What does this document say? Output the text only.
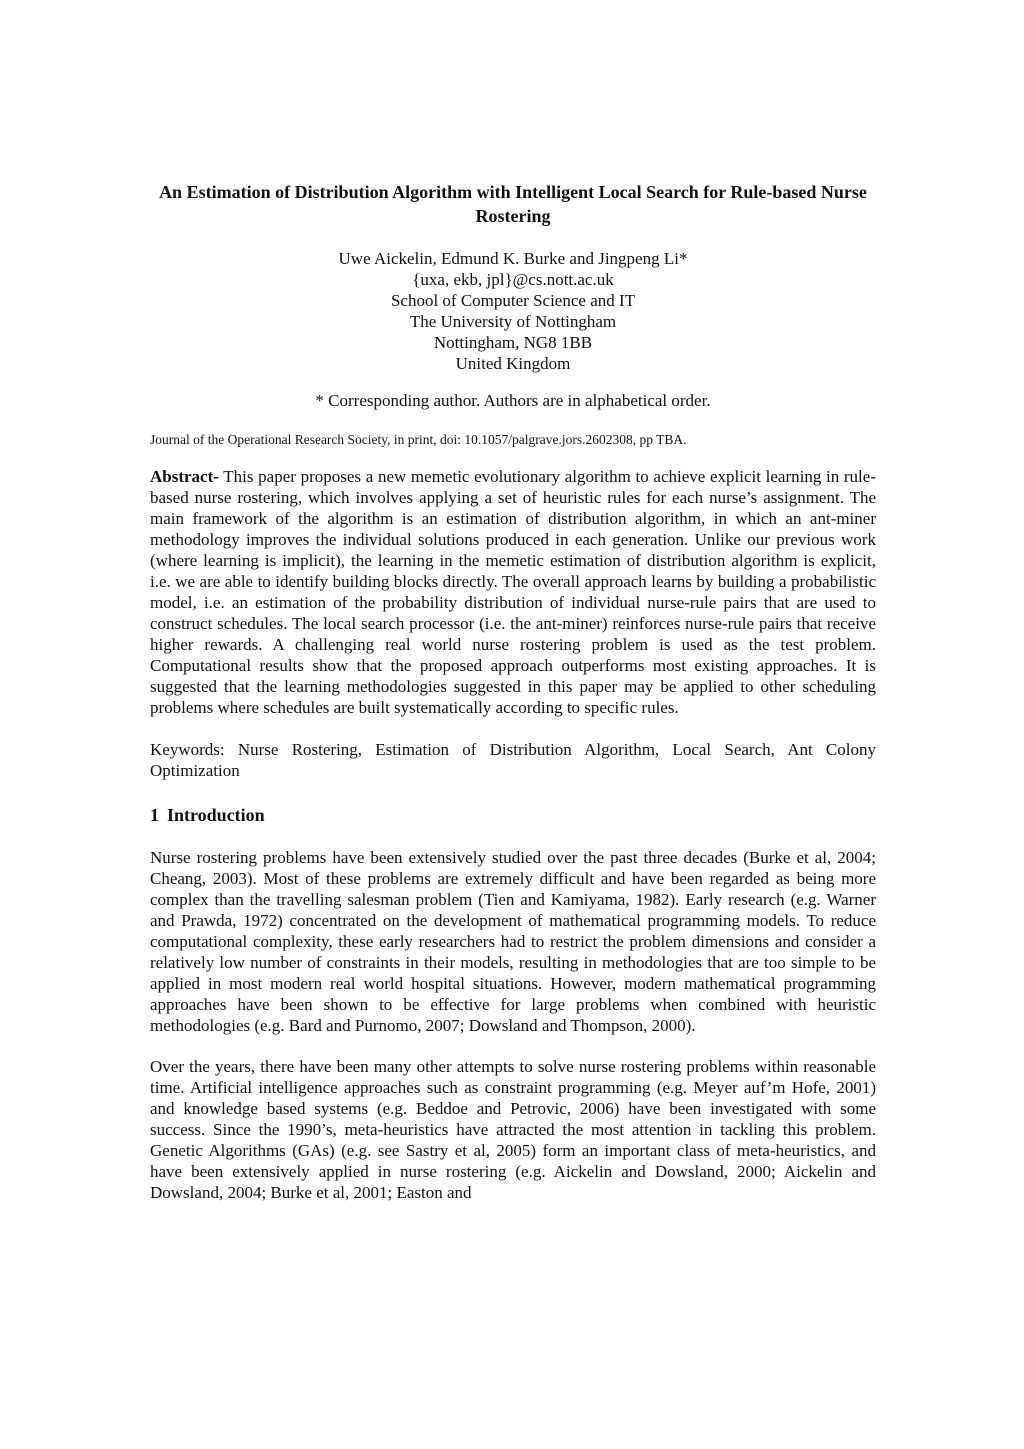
An Estimation of Distribution Algorithm with Intelligent Local Search for Rule-based Nurse Rostering
Uwe Aickelin, Edmund K. Burke and Jingpeng Li*
{uxa, ekb, jpl}@cs.nott.ac.uk
School of Computer Science and IT
The University of Nottingham
Nottingham, NG8 1BB
United Kingdom
* Corresponding author. Authors are in alphabetical order.
Journal of the Operational Research Society, in print, doi: 10.1057/palgrave.jors.2602308, pp TBA.

Abstract- This paper proposes a new memetic evolutionary algorithm to achieve explicit learning in rule-based nurse rostering, which involves applying a set of heuristic rules for each nurse’s assignment. The main framework of the algorithm is an estimation of distribution algorithm, in which an ant-miner methodology improves the individual solutions produced in each generation. Unlike our previous work (where learning is implicit), the learning in the memetic estimation of distribution algorithm is explicit, i.e. we are able to identify building blocks directly. The overall approach learns by building a probabilistic model, i.e. an estimation of the probability distribution of individual nurse-rule pairs that are used to construct schedules. The local search processor (i.e. the ant-miner) reinforces nurse-rule pairs that receive higher rewards. A challenging real world nurse rostering problem is used as the test problem. Computational results show that the proposed approach outperforms most existing approaches. It is suggested that the learning methodologies suggested in this paper may be applied to other scheduling problems where schedules are built systematically according to specific rules.

Keywords: Nurse Rostering, Estimation of Distribution Algorithm, Local Search, Ant Colony Optimization

1 Introduction

Nurse rostering problems have been extensively studied over the past three decades (Burke et al, 2004; Cheang, 2003). Most of these problems are extremely difficult and have been regarded as being more complex than the travelling salesman problem (Tien and Kamiyama, 1982). Early research (e.g. Warner and Prawda, 1972) concentrated on the development of mathematical programming models. To reduce computational complexity, these early researchers had to restrict the problem dimensions and consider a relatively low number of constraints in their models, resulting in methodologies that are too simple to be applied in most modern real world hospital situations. However, modern mathematical programming approaches have been shown to be effective for large problems when combined with heuristic methodologies (e.g. Bard and Purnomo, 2007; Dowsland and Thompson, 2000).

Over the years, there have been many other attempts to solve nurse rostering problems within reasonable time. Artificial intelligence approaches such as constraint programming (e.g. Meyer auf’m Hofe, 2001) and knowledge based systems (e.g. Beddoe and Petrovic, 2006) have been investigated with some success. Since the 1990’s, meta-heuristics have attracted the most attention in tackling this problem. Genetic Algorithms (GAs) (e.g. see Sastry et al, 2005) form an important class of meta-heuristics, and have been extensively applied in nurse rostering (e.g. Aickelin and Dowsland, 2000; Aickelin and Dowsland, 2004; Burke et al, 2001; Easton and
